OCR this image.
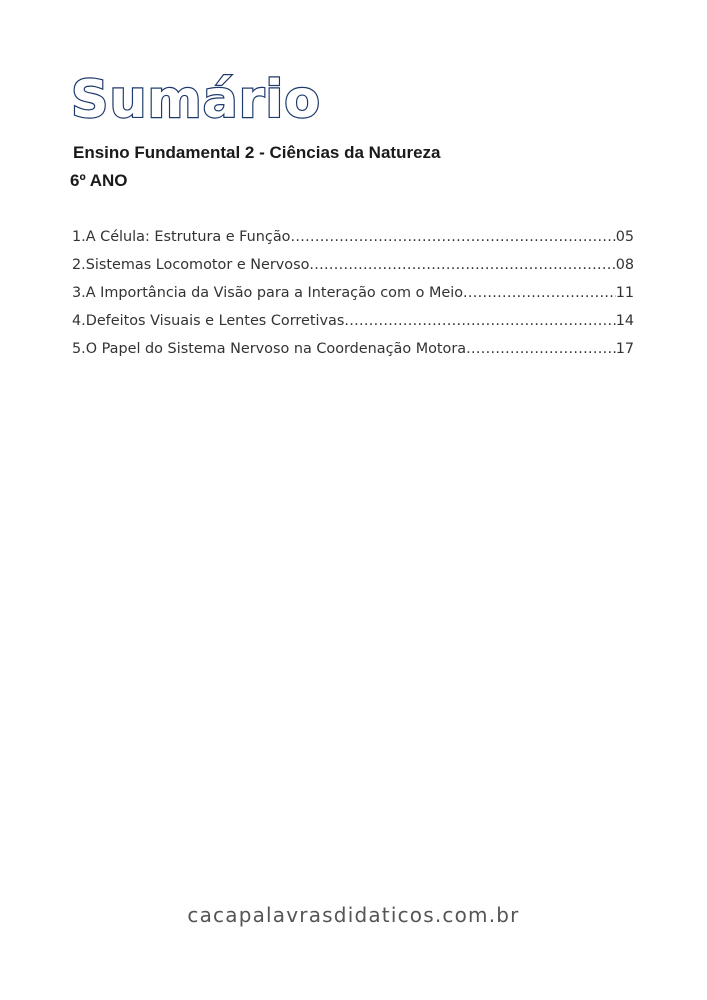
Sumário

Ensino Fundamental 2 - Ciências da Natureza

6º ANO

1. A Célula: Estrutura e Função .....	05
2. Sistemas Locomotor e Nervoso .....	08
3. A Importância da Visão para a Interação com o Meio .....	11
4. Defeitos Visuais e Lentes Corretivas .....	14
5. O Papel do Sistema Nervoso na Coordenação Motora .....	17

cacapalavrasdidaticos.com.br
